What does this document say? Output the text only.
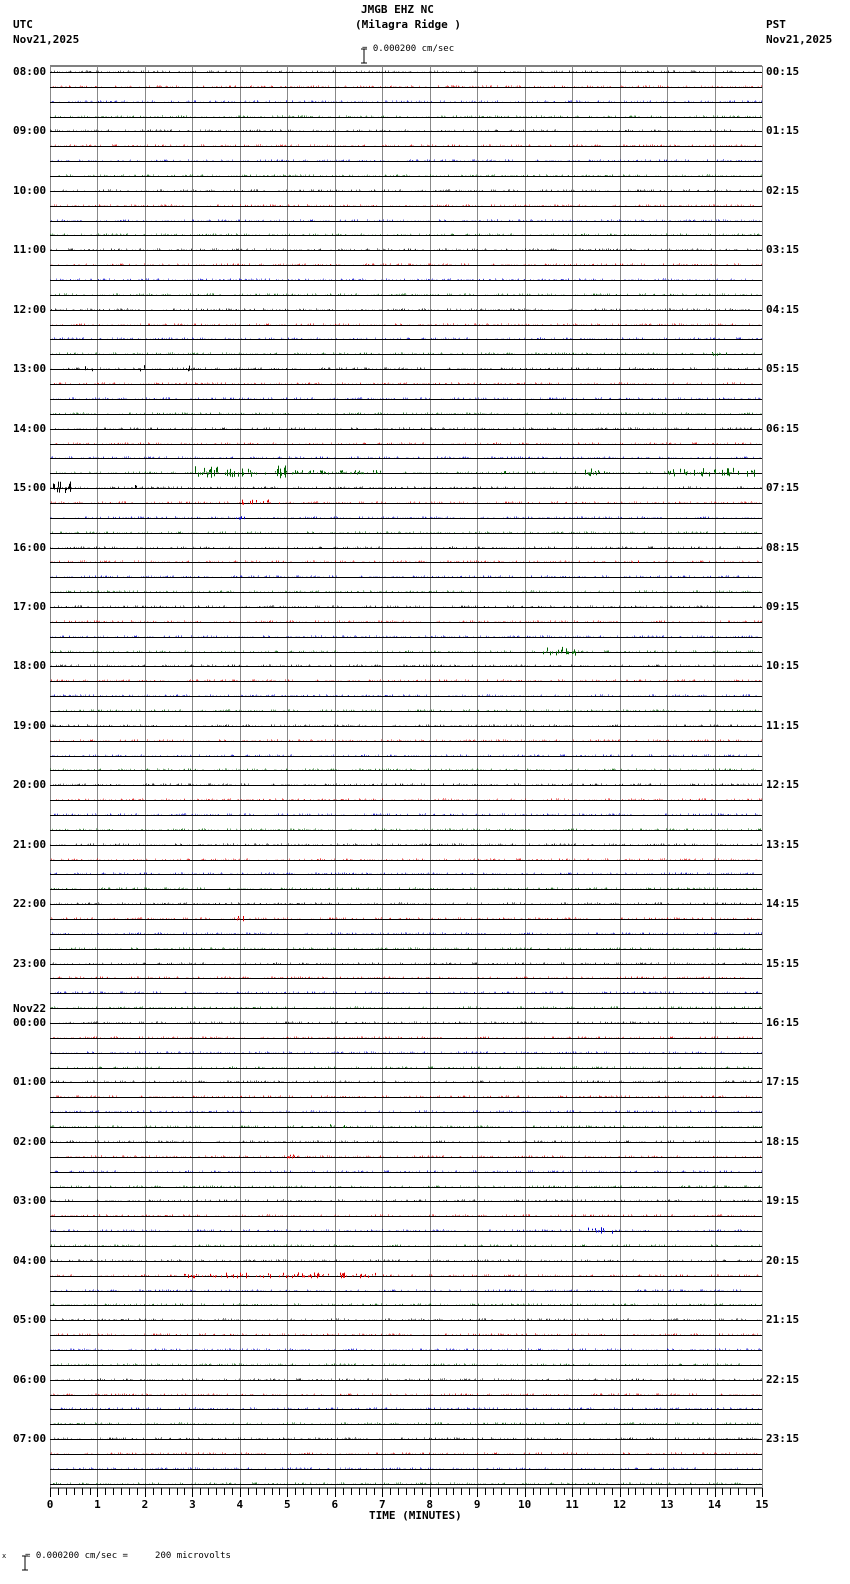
JMGB EHZ NC
(Milagra Ridge )
UTC
Nov21,2025
PST
Nov21,2025

= 0.000200 cm/sec
08:00
09:00
10:00
11:00
12:00
13:00
14:00
15:00
16:00
17:00
18:00
19:00
20:00
21:00
22:00
23:00
Nov22
00:00
01:00
02:00
03:00
04:00
05:00
06:00
07:00
00:15
01:15
02:15
03:15
04:15
05:15
06:15
07:15
08:15
09:15
10:15
11:15
12:15
13:15
14:15
15:15
16:15
17:15
18:15
19:15
20:15
21:15
22:15
23:15
0	1	2	3	4	5	6	7	8	9	10	11	12	13	14	15
TIME (MINUTES)
x

= 0.000200 cm/sec =     200 microvolts
